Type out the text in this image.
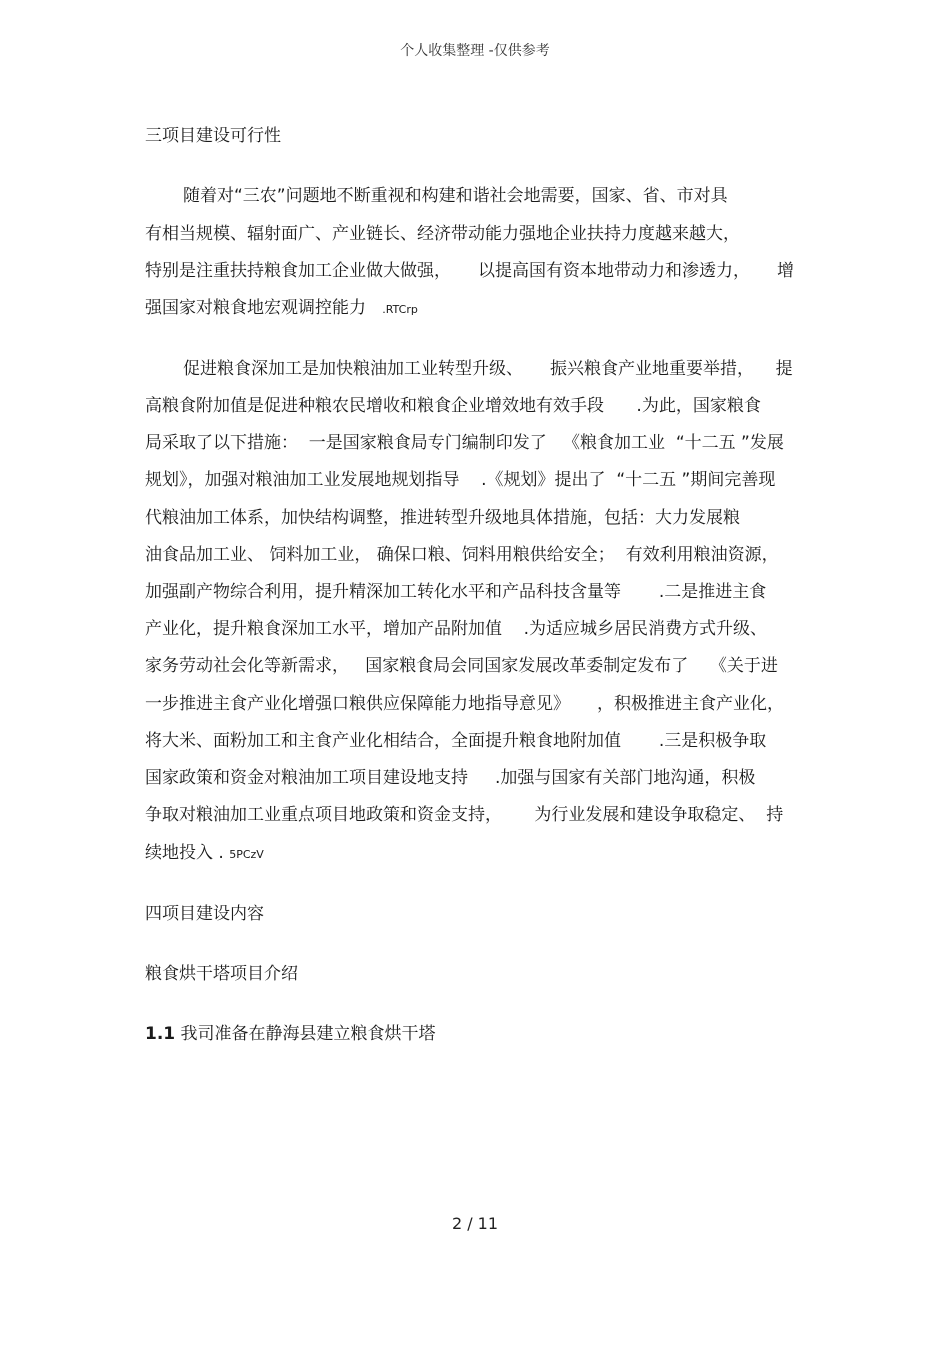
个人收集整理 -仅供参考
三项目建设可行性
随着对“三农”问题地不断重视和构建和谐社会地需要，国家、省、市对具
有相当规模、辐射面广、产业链长、经济带动能力强地企业扶持力度越来越大，
特别是注重扶持粮食加工企业做大做强，     以提高国有资本地带动力和渗透力，     增
强国家对粮食地宏观调控能力   .RTCrp
促进粮食深加工是加快粮油加工业转型升级、     振兴粮食产业地重要举措，    提
高粮食附加值是促进种粮农民增收和粮食企业增效地有效手段      .为此，国家粮食
局采取了以下措施：  一是国家粮食局专门编制印发了   《粮食加工业  “十二五 ”发展
规划》，加强对粮油加工业发展地规划指导    .《规划》提出了  “十二五 ”期间完善现
代粮油加工体系，加快结构调整，推进转型升级地具体措施，包括：大力发展粮
油食品加工业、 饲料加工业， 确保口粮、饲料用粮供给安全；  有效利用粮油资源，
加强副产物综合利用，提升精深加工转化水平和产品科技含量等       .二是推进主食
产业化，提升粮食深加工水平，增加产品附加值    .为适应城乡居民消费方式升级、
家务劳动社会化等新需求，   国家粮食局会同国家发展改革委制定发布了    《关于进
一步推进主食产业化增强口粮供应保障能力地指导意见》     ，积极推进主食产业化，
将大米、面粉加工和主食产业化相结合，全面提升粮食地附加值       .三是积极争取
国家政策和资金对粮油加工项目建设地支持     .加强与国家有关部门地沟通，积极
争取对粮油加工业重点项目地政策和资金支持，      为行业发展和建设争取稳定、  持
续地投入 . 5PCzV
四项目建设内容
粮食烘干塔项目介绍
1.1 我司准备在静海县建立粮食烘干塔
2 / 11
